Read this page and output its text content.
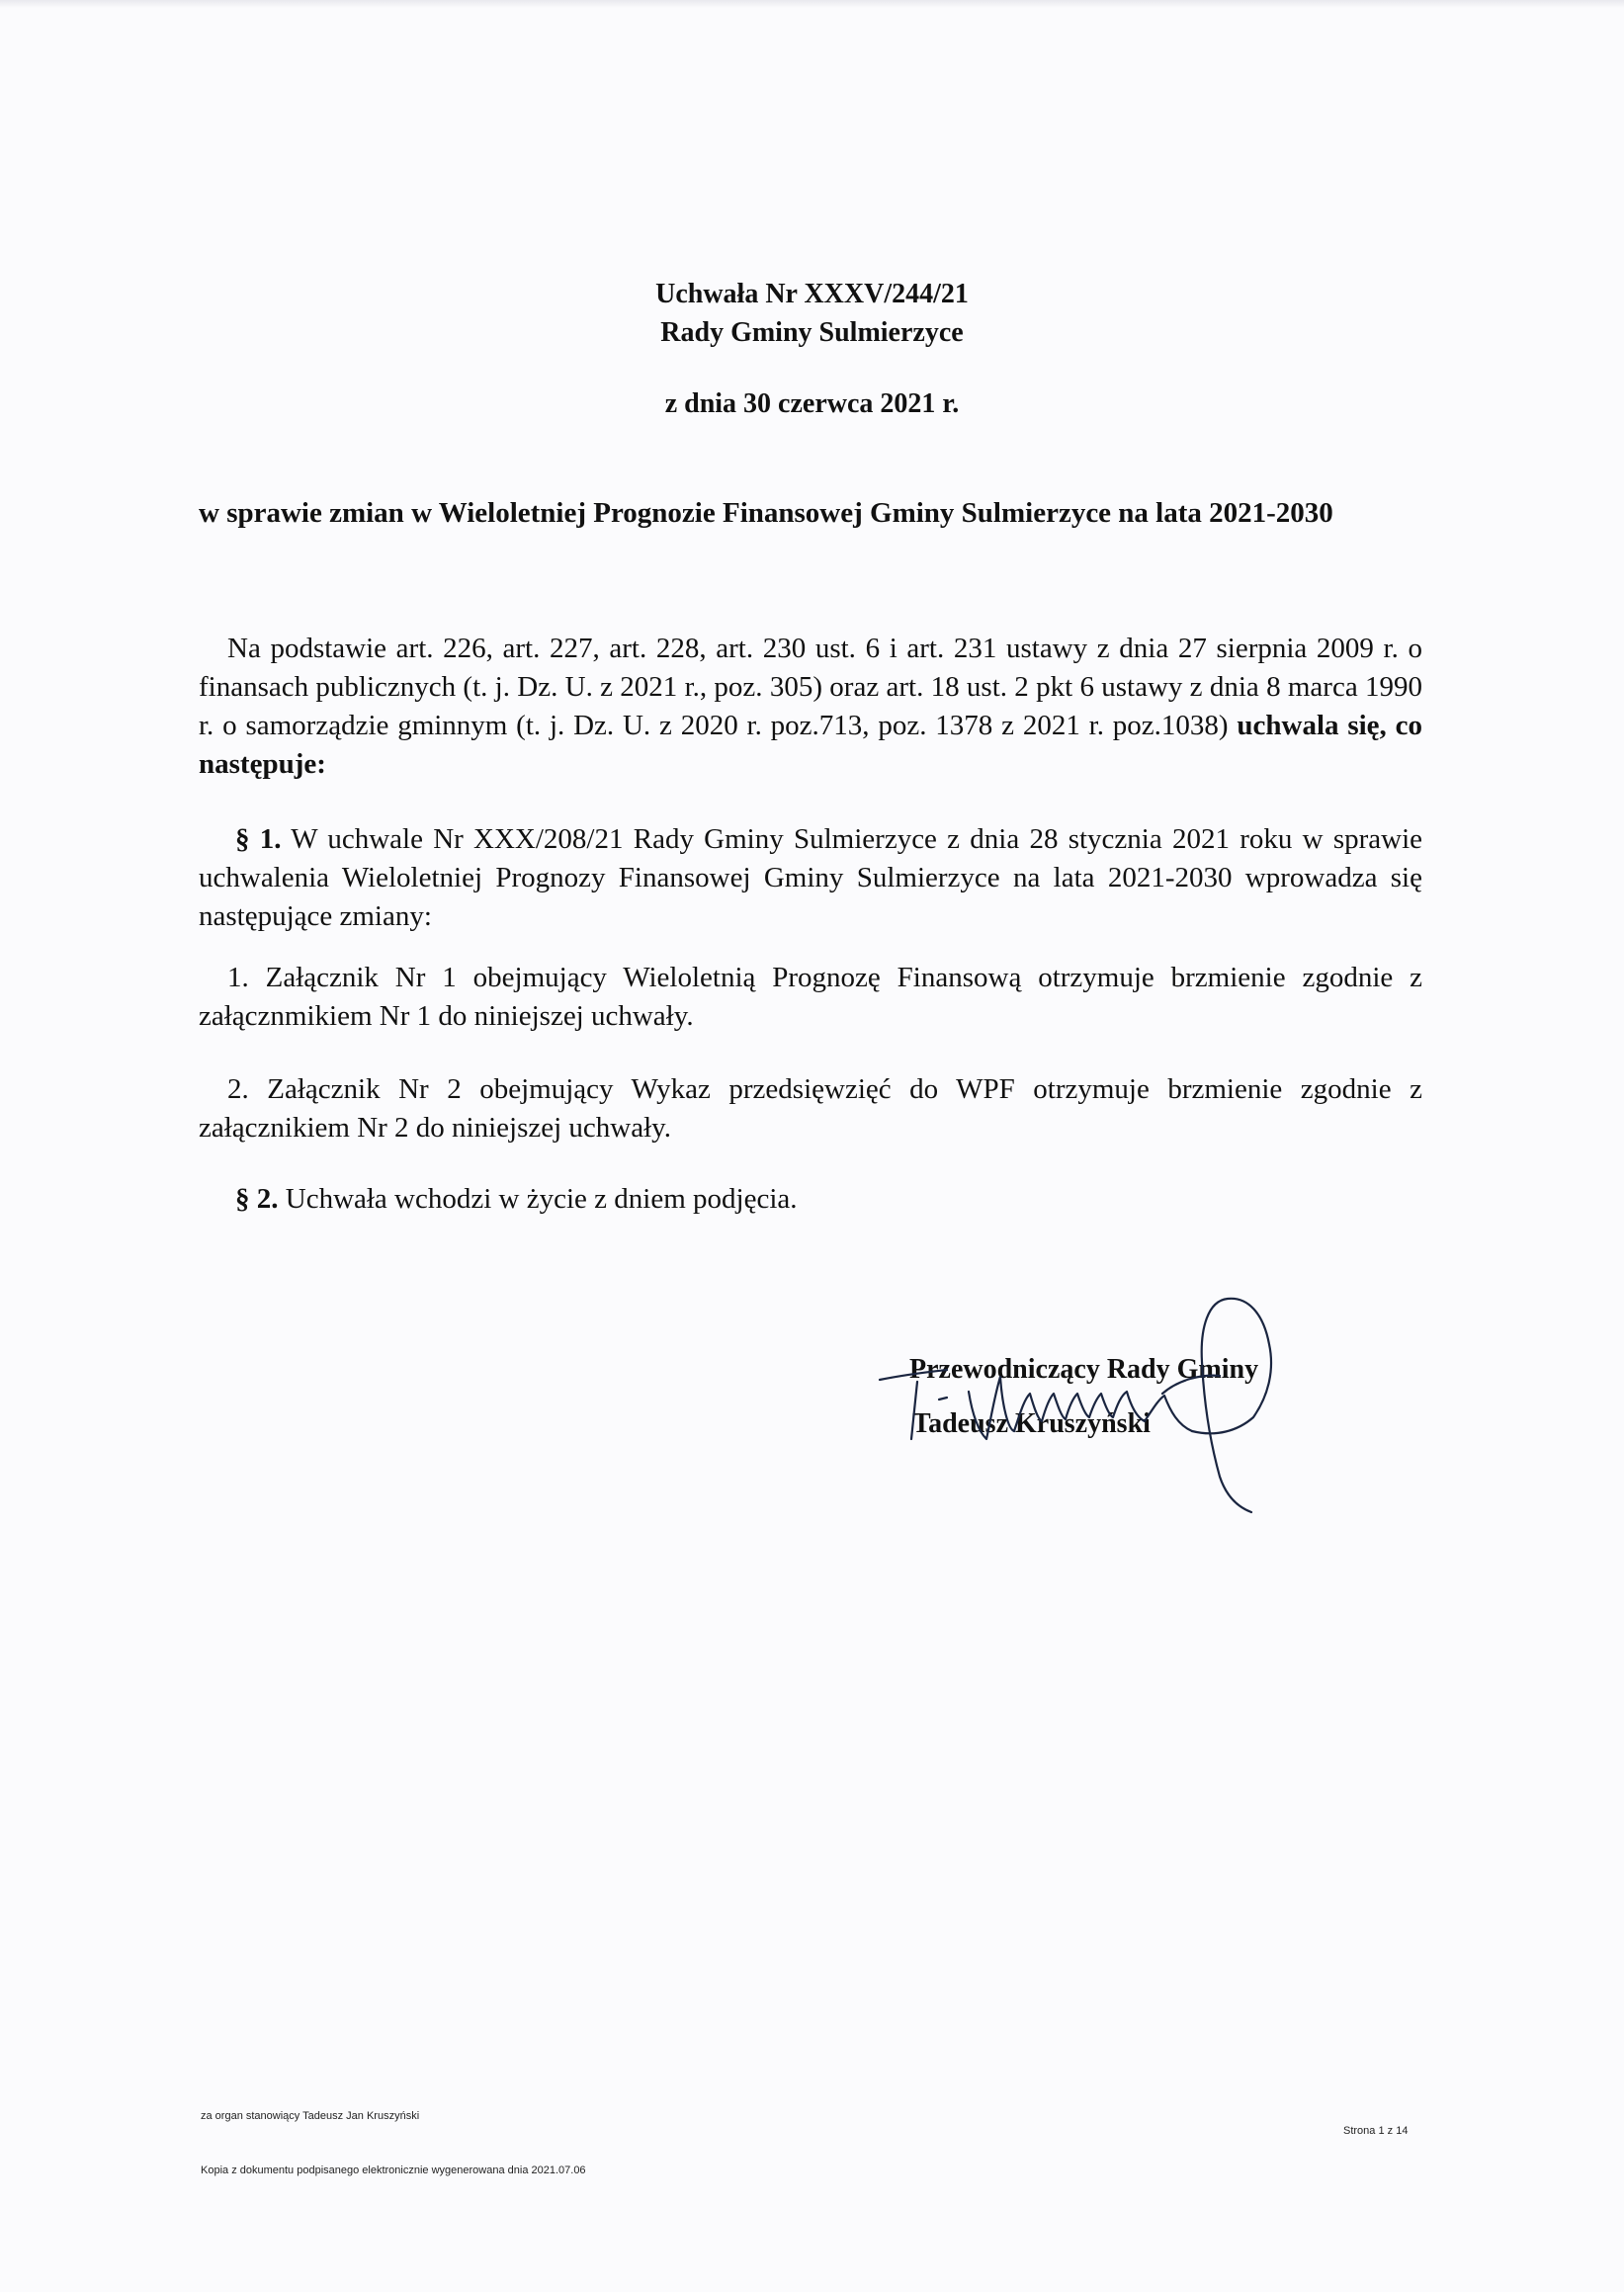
Uchwała Nr XXXV/244/21
Rady Gminy Sulmierzyce
z dnia 30 czerwca 2021 r.
w sprawie zmian w Wieloletniej Prognozie Finansowej Gminy Sulmierzyce na lata 2021-2030

Na podstawie art. 226, art. 227, art. 228, art. 230 ust. 6 i art. 231 ustawy z dnia 27 sierpnia 2009 r. o finansach publicznych (t. j. Dz. U. z 2021 r., poz. 305) oraz art. 18 ust. 2 pkt 6 ustawy z dnia 8 marca 1990 r. o samorządzie gminnym (t. j. Dz. U. z 2020 r. poz.713, poz. 1378 z 2021 r. poz.1038) uchwala się, co następuje:

§ 1. W uchwale Nr XXX/208/21 Rady Gminy Sulmierzyce z dnia 28 stycznia 2021 roku w sprawie uchwalenia Wieloletniej Prognozy Finansowej Gminy Sulmierzyce na lata 2021-2030 wprowadza się następujące zmiany:

1. Załącznik Nr 1 obejmujący Wieloletnią Prognozę Finansową otrzymuje brzmienie zgodnie z załącznmikiem Nr 1 do niniejszej uchwały.

2. Załącznik Nr 2 obejmujący Wykaz przedsięwzięć do WPF otrzymuje brzmienie zgodnie z załącznikiem Nr 2 do niniejszej uchwały.

§ 2. Uchwała wchodzi w życie z dniem podjęcia.

Przewodniczący Rady Gminy
Tadeusz Kruszyński
za organ stanowiący Tadeusz Jan Kruszyński
Strona 1 z 14
Kopia z dokumentu podpisanego elektronicznie wygenerowana dnia 2021.07.06
